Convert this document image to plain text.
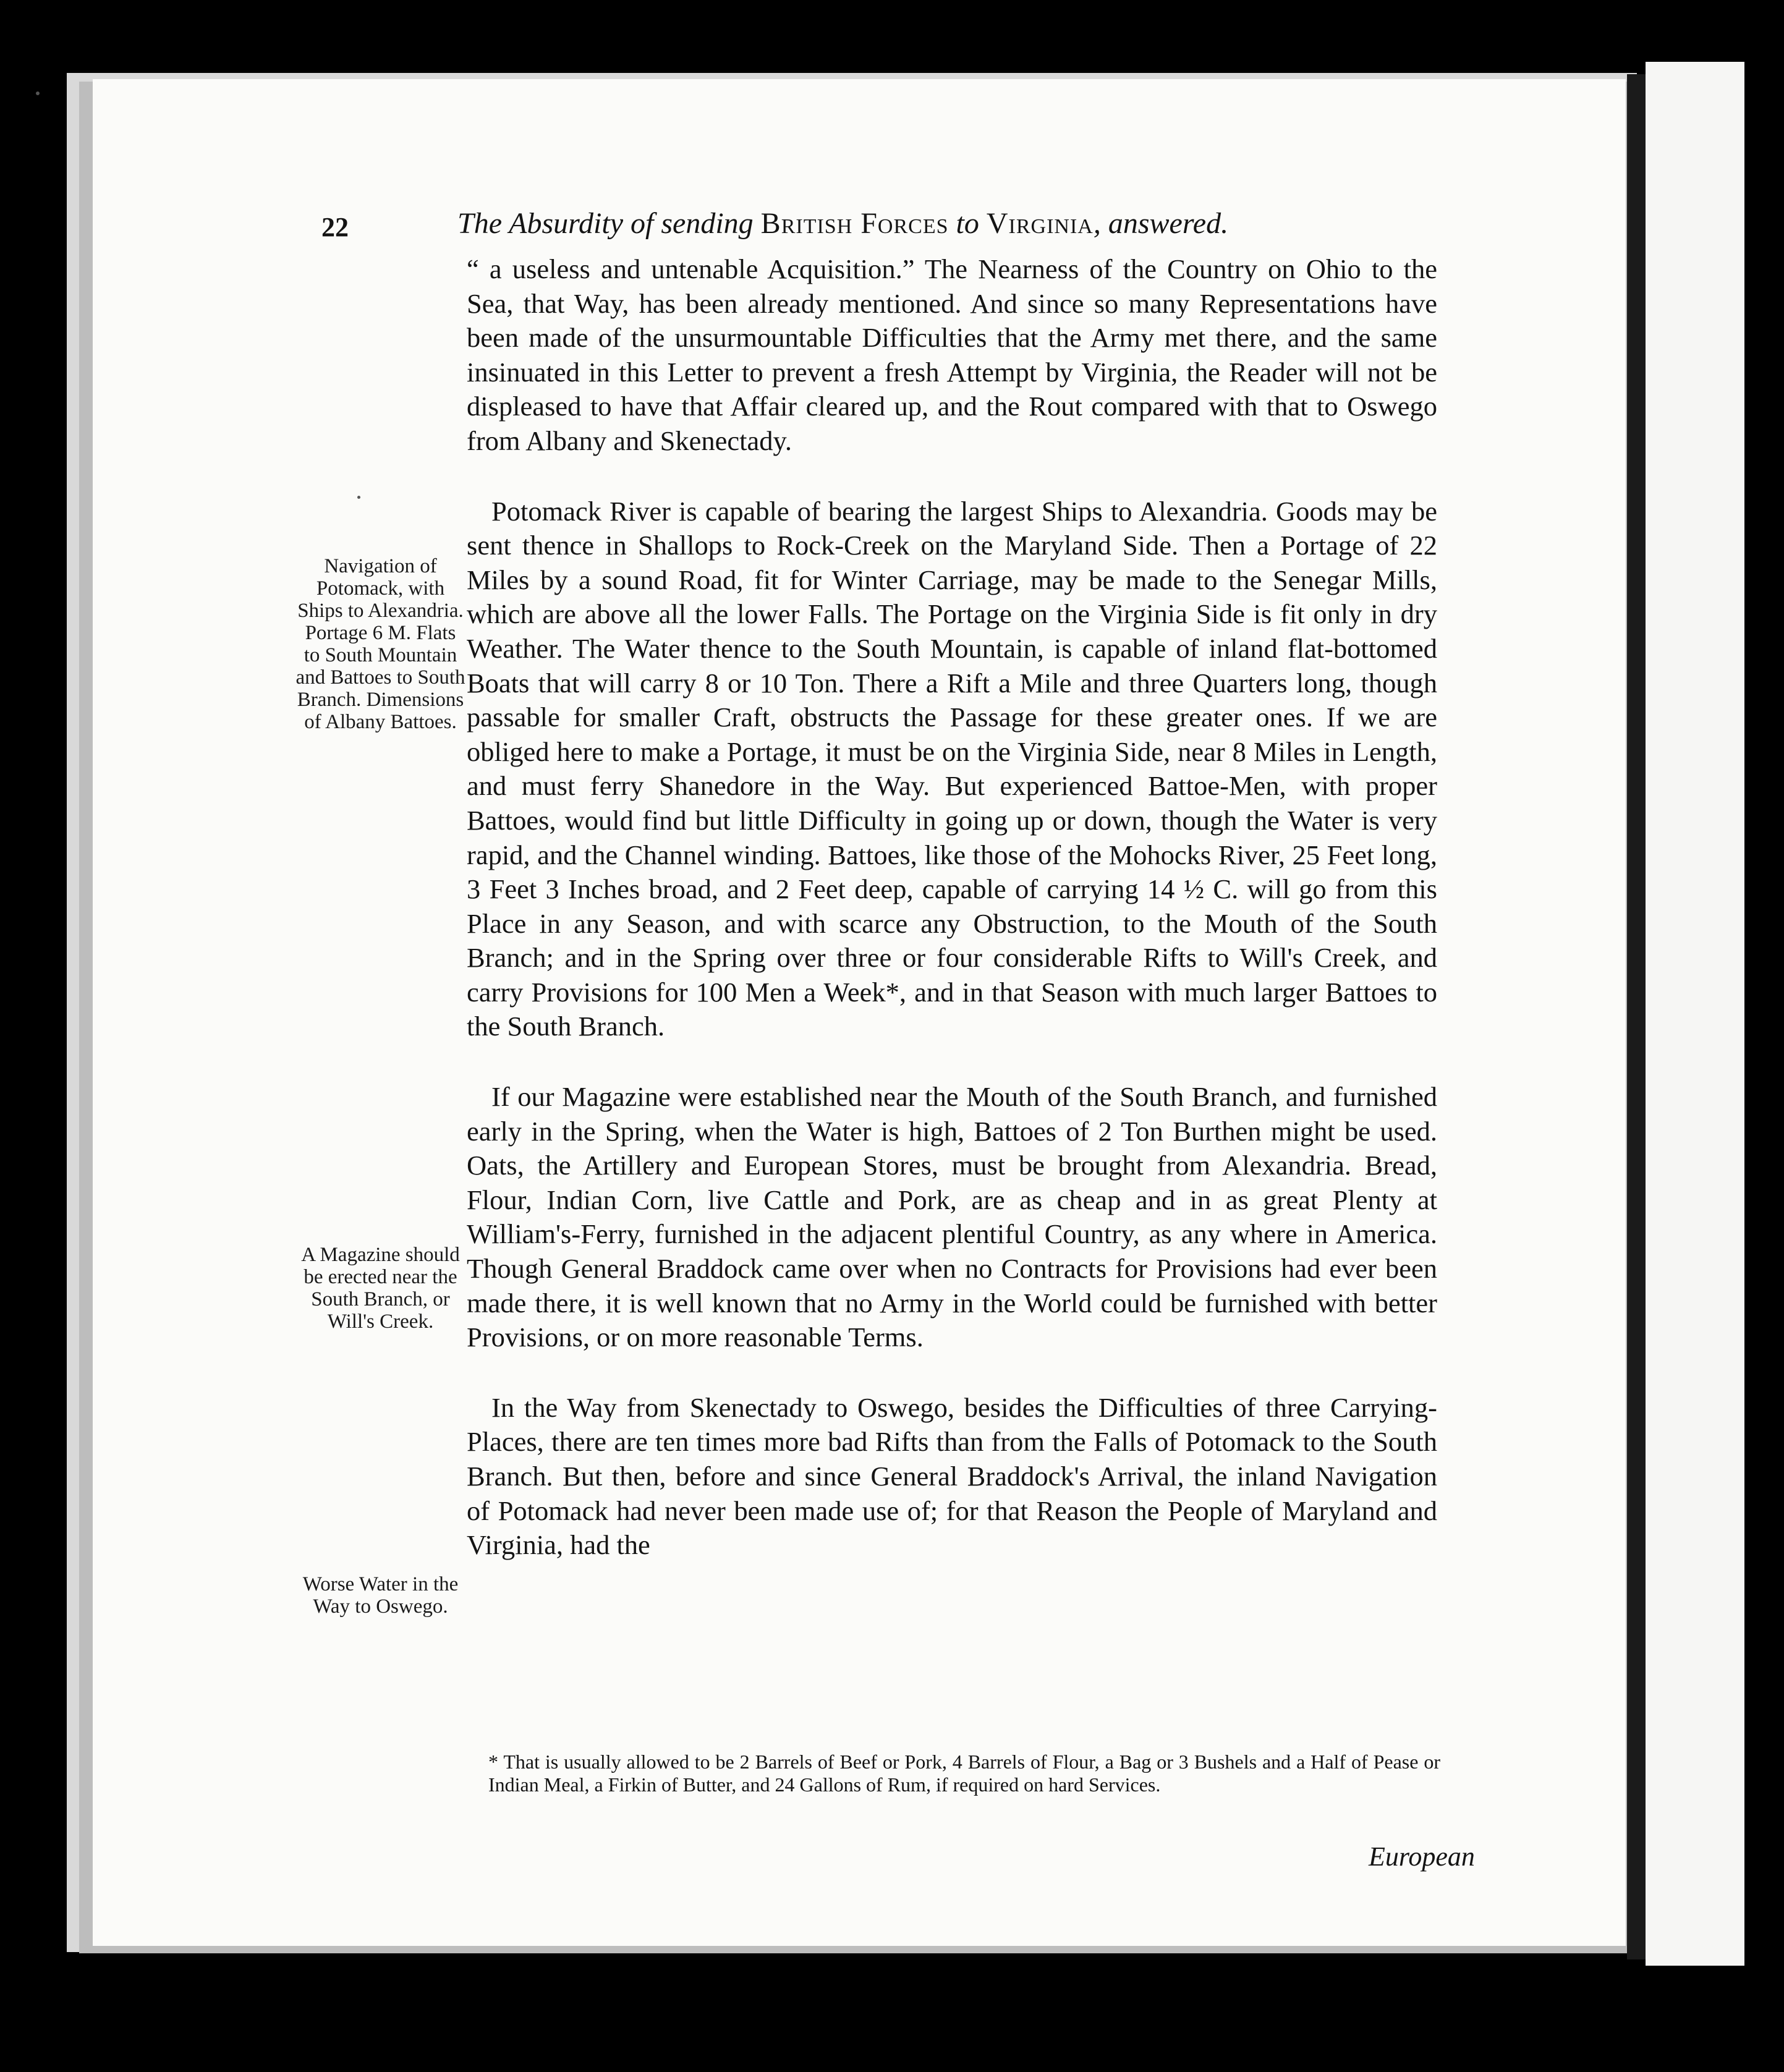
22	The Absurdity of sending British Forces to Virginia, answered.

“ a useless and untenable Acquisition.” The Nearness of the Country on Ohio to the Sea, that Way, has been already mentioned. And since so many Representations have been made of the unsurmountable Difficulties that the Army met there, and the same insinuated in this Letter to prevent a fresh Attempt by Virginia, the Reader will not be displeased to have that Affair cleared up, and the Rout compared with that to Oswego from Albany and Skenectady.

Potomack River is capable of bearing the largest Ships to Alexandria. Goods may be sent thence in Shallops to Rock-Creek on the Maryland Side. Then a Portage of 22 Miles by a sound Road, fit for Winter Carriage, may be made to the Senegar Mills, which are above all the lower Falls. The Portage on the Virginia Side is fit only in dry Weather. The Water thence to the South Mountain, is capable of inland flat-bottomed Boats that will carry 8 or 10 Ton. There a Rift a Mile and three Quarters long, though passable for smaller Craft, obstructs the Passage for these greater ones. If we are obliged here to make a Portage, it must be on the Virginia Side, near 8 Miles in Length, and must ferry Shanedore in the Way. But experienced Battoe-Men, with proper Battoes, would find but little Difficulty in going up or down, though the Water is very rapid, and the Channel winding. Battoes, like those of the Mohocks River, 25 Feet long, 3 Feet 3 Inches broad, and 2 Feet deep, capable of carrying 14 ½ C. will go from this Place in any Season, and with scarce any Obstruction, to the Mouth of the South Branch; and in the Spring over three or four considerable Rifts to Will's Creek, and carry Provisions for 100 Men a Week*, and in that Season with much larger Battoes to the South Branch.

If our Magazine were established near the Mouth of the South Branch, and furnished early in the Spring, when the Water is high, Battoes of 2 Ton Burthen might be used. Oats, the Artillery and European Stores, must be brought from Alexandria. Bread, Flour, Indian Corn, live Cattle and Pork, are as cheap and in as great Plenty at William's-Ferry, furnished in the adjacent plentiful Country, as any where in America. Though General Braddock came over when no Contracts for Provisions had ever been made there, it is well known that no Army in the World could be furnished with better Provisions, or on more reasonable Terms.

In the Way from Skenectady to Oswego, besides the Difficulties of three Carrying-Places, there are ten times more bad Rifts than from the Falls of Potomack to the South Branch. But then, before and since General Braddock's Arrival, the inland Navigation of Potomack had never been made use of; for that Reason the People of Maryland and Virginia, had the

Navigation of Potomack, with Ships to Alexandria. Portage 6 M. Flats to South Mountain and Battoes to South Branch. Dimensions of Albany Battoes.
A Magazine should be erected near the South Branch, or Will's Creek.
Worse Water in the Way to Oswego.
* That is usually allowed to be 2 Barrels of Beef or Pork, 4 Barrels of Flour, a Bag or 3 Bushels and a Half of Pease or Indian Meal, a Firkin of Butter, and 24 Gallons of Rum, if required on hard Services.
European
